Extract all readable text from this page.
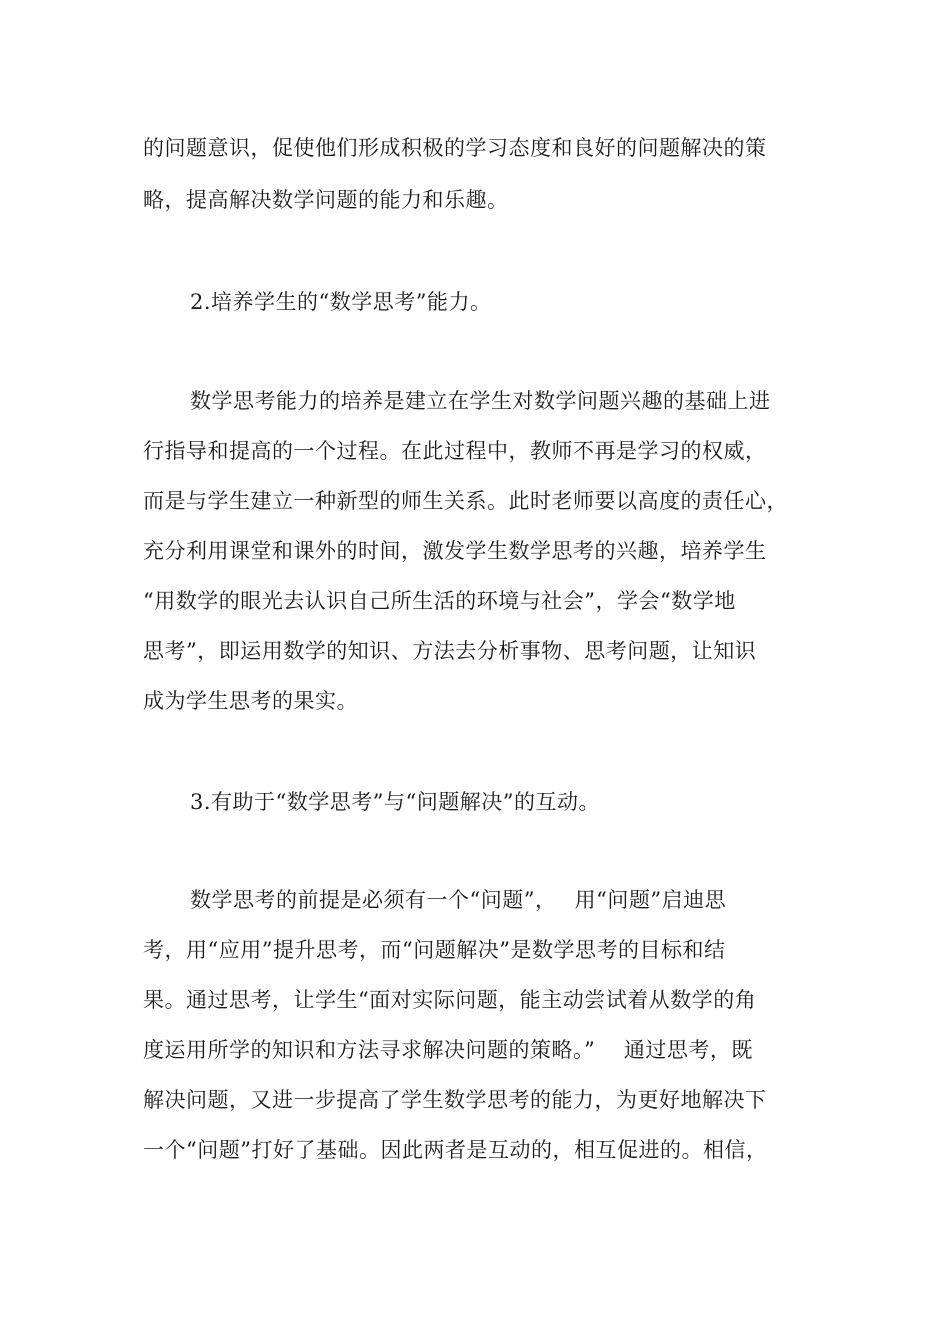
的问题意识，促使他们形成积极的学习态度和良好的问题解决的策
略，提高解决数学问题的能力和乐趣。
2.培养学生的“数学思考”能力。
数学思考能力的培养是建立在学生对数学问题兴趣的基础上进
行指导和提高的一个过程。在此过程中，教师不再是学习的权威，
而是与学生建立一种新型的师生关系。此时老师要以高度的责任心，
充分利用课堂和课外的时间，激发学生数学思考的兴趣，培养学生
“用数学的眼光去认识自己所生活的环境与社会”，学会“数学地
思考”，即运用数学的知识、方法去分析事物、思考问题，让知识
成为学生思考的果实。
3.有助于“数学思考”与“问题解决”的互动。
数学思考的前提是必须有一个“问题”，　 用“问题”启迪思
考，用“应用”提升思考，而“问题解决”是数学思考的目标和结
果。通过思考，让学生“面对实际问题，能主动尝试着从数学的角
度运用所学的知识和方法寻求解决问题的策略。”　 通过思考，既
解决问题，又进一步提高了学生数学思考的能力，为更好地解决下
一个“问题”打好了基础。因此两者是互动的，相互促进的。相信，
